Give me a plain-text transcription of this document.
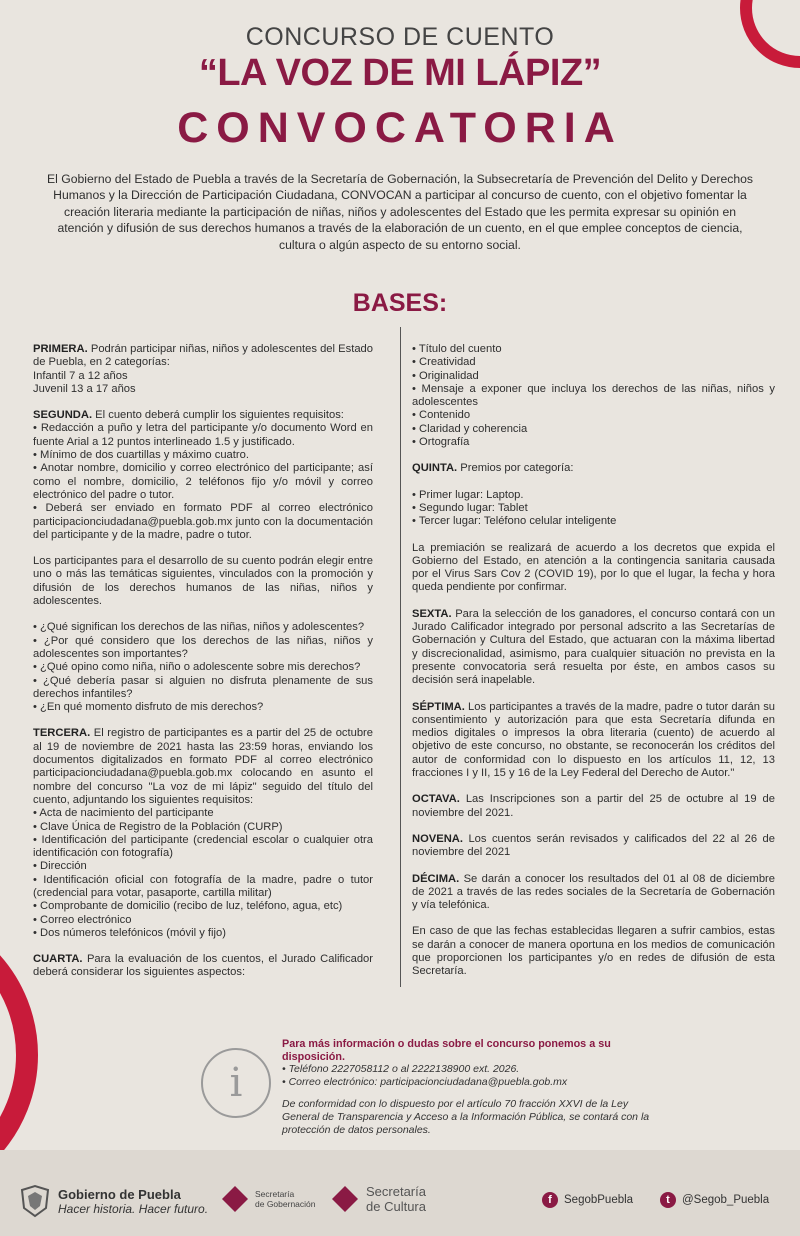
CONCURSO DE CUENTO
“LA VOZ DE MI LÁPIZ”
CONVOCATORIA
El Gobierno del Estado de Puebla a través de la Secretaría de Gobernación, la Subsecretaría de Prevención del Delito y Derechos
Humanos y la Dirección de Participación Ciudadana, CONVOCAN a participar al concurso de cuento, con el objetivo fomentar la
creación literaria mediante la participación de niñas, niños y adolescentes del Estado que les permita expresar su opinión en
atención y difusión de sus derechos humanos a través de la elaboración de un cuento, en el que emplee conceptos de ciencia,
cultura o algún aspecto de su entorno social.
BASES:

PRIMERA. Podrán participar niñas, niños y adolescentes del Estado de Puebla, en 2 categorías:
Infantil 7 a 12 años
Juvenil 13 a 17 años

SEGUNDA. El cuento deberá cumplir los siguientes requisitos:

• Redacción a puño y letra del participante y/o documento Word en fuente Arial a 12 puntos interlineado 1.5 y justificado.
• Mínimo de dos cuartillas y máximo cuatro.
• Anotar nombre, domicilio y correo electrónico del participante; así como el nombre, domicilio, 2 teléfonos fijo y/o móvil y correo electrónico del padre o tutor.
• Deberá ser enviado en formato PDF al correo electrónico participacionciudadana@puebla.gob.mx junto con la documentación del participante y de la madre, padre o tutor.

Los participantes para el desarrollo de su cuento podrán elegir entre uno o más las temáticas siguientes, vinculados con la promoción y difusión de los derechos humanos de las niñas, niños y adolescentes.

• ¿Qué significan los derechos de las niñas, niños y adolescentes?
• ¿Por qué considero que los derechos de las niñas, niños y adolescentes son importantes?
• ¿Qué opino como niña, niño o adolescente sobre mis derechos?
• ¿Qué debería pasar si alguien no disfruta plenamente de sus derechos infantiles?
• ¿En qué momento disfruto de mis derechos?

TERCERA. El registro de participantes es a partir del 25 de octubre al 19 de noviembre de 2021 hasta las 23:59 horas, enviando los documentos digitalizados en formato PDF al correo electrónico participacionciudadana@puebla.gob.mx colocando en asunto el nombre del concurso "La voz de mi lápiz" seguido del título del cuento, adjuntando los siguientes requisitos:

• Acta de nacimiento del participante
• Clave Única de Registro de la Población (CURP)
• Identificación del participante (credencial escolar o cualquier otra identificación con fotografía)
• Dirección
• Identificación oficial con fotografía de la madre, padre o tutor (credencial para votar, pasaporte, cartilla militar)
• Comprobante de domicilio (recibo de luz, teléfono, agua, etc)
• Correo electrónico
• Dos números telefónicos (móvil y fijo)

CUARTA. Para la evaluación de los cuentos, el Jurado Calificador deberá considerar los siguientes aspectos:

• Título del cuento
• Creatividad
• Originalidad
• Mensaje a exponer que incluya los derechos de las niñas, niños y adolescentes
• Contenido
• Claridad y coherencia
• Ortografía

QUINTA. Premios por categoría:

• Primer lugar: Laptop.
• Segundo lugar: Tablet
• Tercer lugar: Teléfono celular inteligente

La premiación se realizará de acuerdo a los decretos que expida el Gobierno del Estado, en atención a la contingencia sanitaria causada por el Virus Sars Cov 2 (COVID 19), por lo que el lugar, la fecha y hora queda pendiente por confirmar.

SEXTA. Para la selección de los ganadores, el concurso contará con un Jurado Calificador integrado por personal adscrito a las Secretarías de Gobernación y Cultura del Estado, que actuaran con la máxima libertad y discrecionalidad, asimismo, para cualquier situación no prevista en la presente convocatoria será resuelta por éste, en ambos casos su decisión será inapelable.

SÉPTIMA. Los participantes a través de la madre, padre o tutor darán su consentimiento y autorización para que esta Secretaría difunda en medios digitales o impresos la obra literaria (cuento) de acuerdo al objetivo de este concurso, no obstante, se reconocerán los créditos del autor de conformidad con lo dispuesto en los artículos 11, 12, 13 fracciones I y II, 15 y 16 de la Ley Federal del Derecho de Autor."

OCTAVA. Las Inscripciones son a partir del 25 de octubre al 19 de noviembre del 2021.

NOVENA. Los cuentos serán revisados y calificados del 22 al 26 de noviembre del 2021

DÉCIMA. Se darán a conocer los resultados del 01 al 08 de diciembre de 2021 a través de las redes sociales de la Secretaría de Gobernación y vía telefónica.

En caso de que las fechas establecidas llegaren a sufrir cambios, estas se darán a conocer de manera oportuna en los medios de comunicación que proporcionen los participantes y/o en redes de difusión de esta Secretaría.

i
Para más información o dudas sobre el concurso ponemos a su disposición.
• Teléfono 2227058112 o al 2222138900 ext. 2026.
• Correo electrónico: participacionciudadana@puebla.gob.mx
De conformidad con lo dispuesto por el artículo 70 fracción XXVI de la Ley General de Transparencia y Acceso a la Información Pública, se contará con la protección de datos personales.
Gobierno de Puebla
Hacer historia. Hacer futuro.
Secretaría
de Gobernación
Secretaría
de Cultura	f	SegobPuebla	t	@Segob_Puebla
